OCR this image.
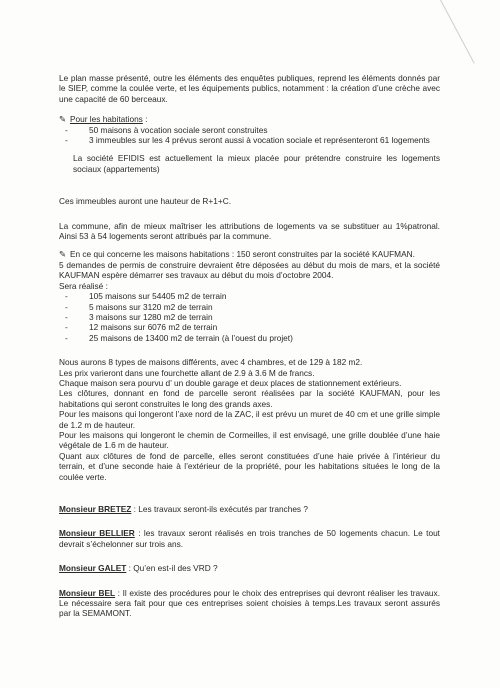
Le plan masse présenté, outre les éléments des enquêtes publiques, reprend les éléments donnés par le SIEP, comme la coulée verte, et les équipements publics, notamment : la création d’une crèche avec une capacité de 60 berceaux.

✎ Pour les habitations :

- 50 maisons à vocation sociale seront construites
- 3 immeubles sur les 4 prévus seront aussi à vocation sociale et représenteront 61 logements

La société EFIDIS est actuellement la mieux placée pour prétendre construire les logements sociaux (appartements)

Ces immeubles auront une hauteur de R+1+C.

La commune, afin de mieux maîtriser les attributions de logements va se substituer au 1%patronal. Ainsi 53 à 54 logements seront attribués par la commune.

✎ En ce qui concerne les maisons habitations : 150 seront construites par la société KAUFMAN.

5 demandes de permis de construire devraient être déposées au début du mois de mars, et la société KAUFMAN espère démarrer ses travaux au début du mois d’octobre 2004.

Sera réalisé :

- 105 maisons sur 54405 m2 de terrain
- 5 maisons sur 3120 m2 de terrain
- 3 maisons sur 1280 m2 de terrain
- 12 maisons sur 6076 m2 de terrain
- 25 maisons de 13400 m2 de terrain (à l’ouest du projet)

Nous aurons 8 types de maisons différents, avec 4 chambres, et de 129 à 182 m2.

Les prix varieront dans une fourchette allant de 2.9 à 3.6 M de francs.

Chaque maison sera pourvu d’ un double garage et deux places de stationnement extérieurs.

Les clôtures, donnant en fond de parcelle seront réalisées par la société KAUFMAN, pour les habitations qui seront construites le long des grands axes.

Pour les maisons qui longeront l’axe nord de la ZAC, il est prévu un muret de 40 cm et une grille simple de 1.2 m de hauteur.

Pour les maisons qui longeront le chemin de Cormeilles, il est envisagé, une grille doublée d’une haie végétale de 1.6 m de hauteur.

Quant aux clôtures de fond de parcelle, elles seront constituées d’une haie privée à l’intérieur du terrain, et d’une seconde haie à l’extérieur de la propriété, pour les habitations situées le long de la coulée verte.

Monsieur BRETEZ : Les travaux seront-ils exécutés par tranches ?

Monsieur BELLIER : les travaux seront réalisés en trois tranches de 50 logements chacun. Le tout devrait s’échelonner sur trois ans.

Monsieur GALET : Qu’en est-il des VRD ?

Monsieur BEL : Il existe des procédures pour le choix des entreprises qui devront réaliser les travaux. Le nécessaire sera fait pour que ces entreprises soient choisies à temps.Les travaux seront assurés par la SEMAMONT.
